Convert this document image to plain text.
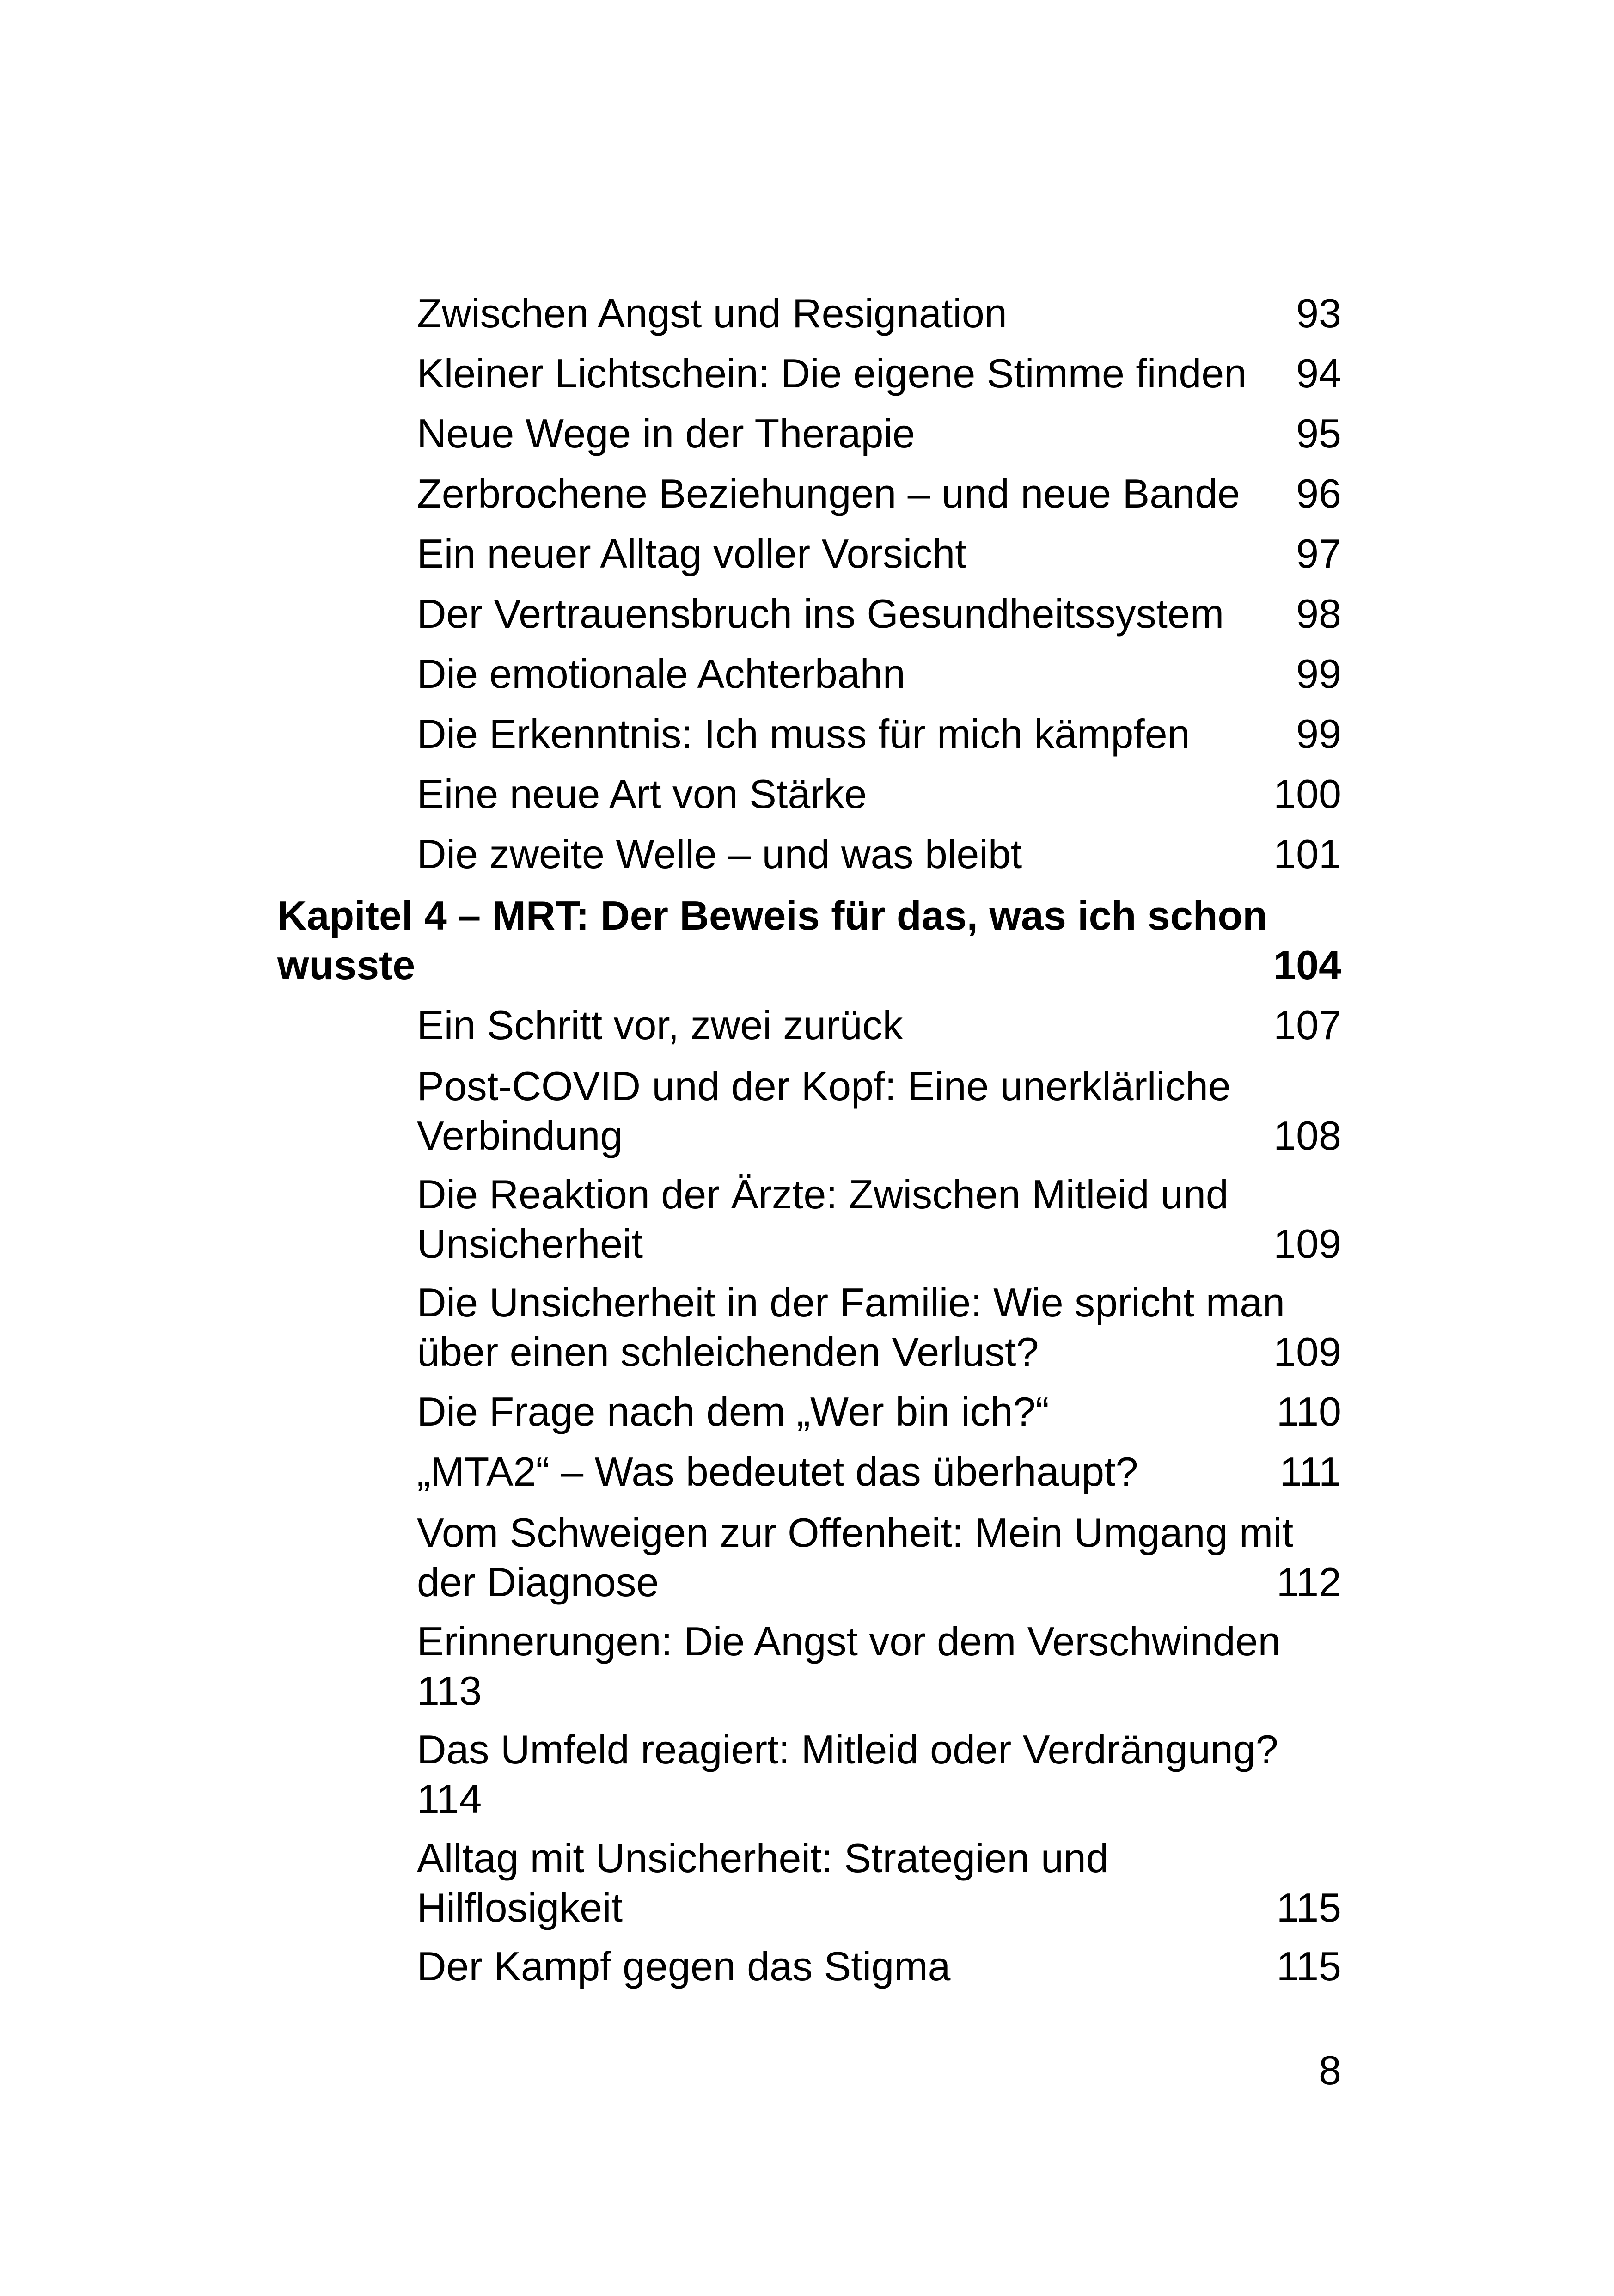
Zwischen Angst und Resignation	93
Kleiner Lichtschein: Die eigene Stimme finden 94
Neue Wege in der Therapie	95
Zerbrochene Beziehungen – und neue Bande 96
Ein neuer Alltag voller Vorsicht	97
Der Vertrauensbruch ins Gesundheitssystem 98
Die emotionale Achterbahn	99
Die Erkenntnis: Ich muss für mich kämpfen	99
Eine neue Art von Stärke	100
Die zweite Welle – und was bleibt	101
Kapitel 4 – MRT: Der Beweis für das, was ich schon
wusste	104
Ein Schritt vor, zwei zurück	107
Post-COVID und der Kopf: Eine unerklärliche
Verbindung	108
Die Reaktion der Ärzte: Zwischen Mitleid und
Unsicherheit	109
Die Unsicherheit in der Familie: Wie spricht man
über einen schleichenden Verlust?	109
Die Frage nach dem „Wer bin ich?“	110
„MTA2“ – Was bedeutet das überhaupt?	111
Vom Schweigen zur Offenheit: Mein Umgang mit
der Diagnose	112
Erinnerungen: Die Angst vor dem Verschwinden
113
Das Umfeld reagiert: Mitleid oder Verdrängung?
114
Alltag mit Unsicherheit: Strategien und
Hilflosigkeit	115
Der Kampf gegen das Stigma	115
8
